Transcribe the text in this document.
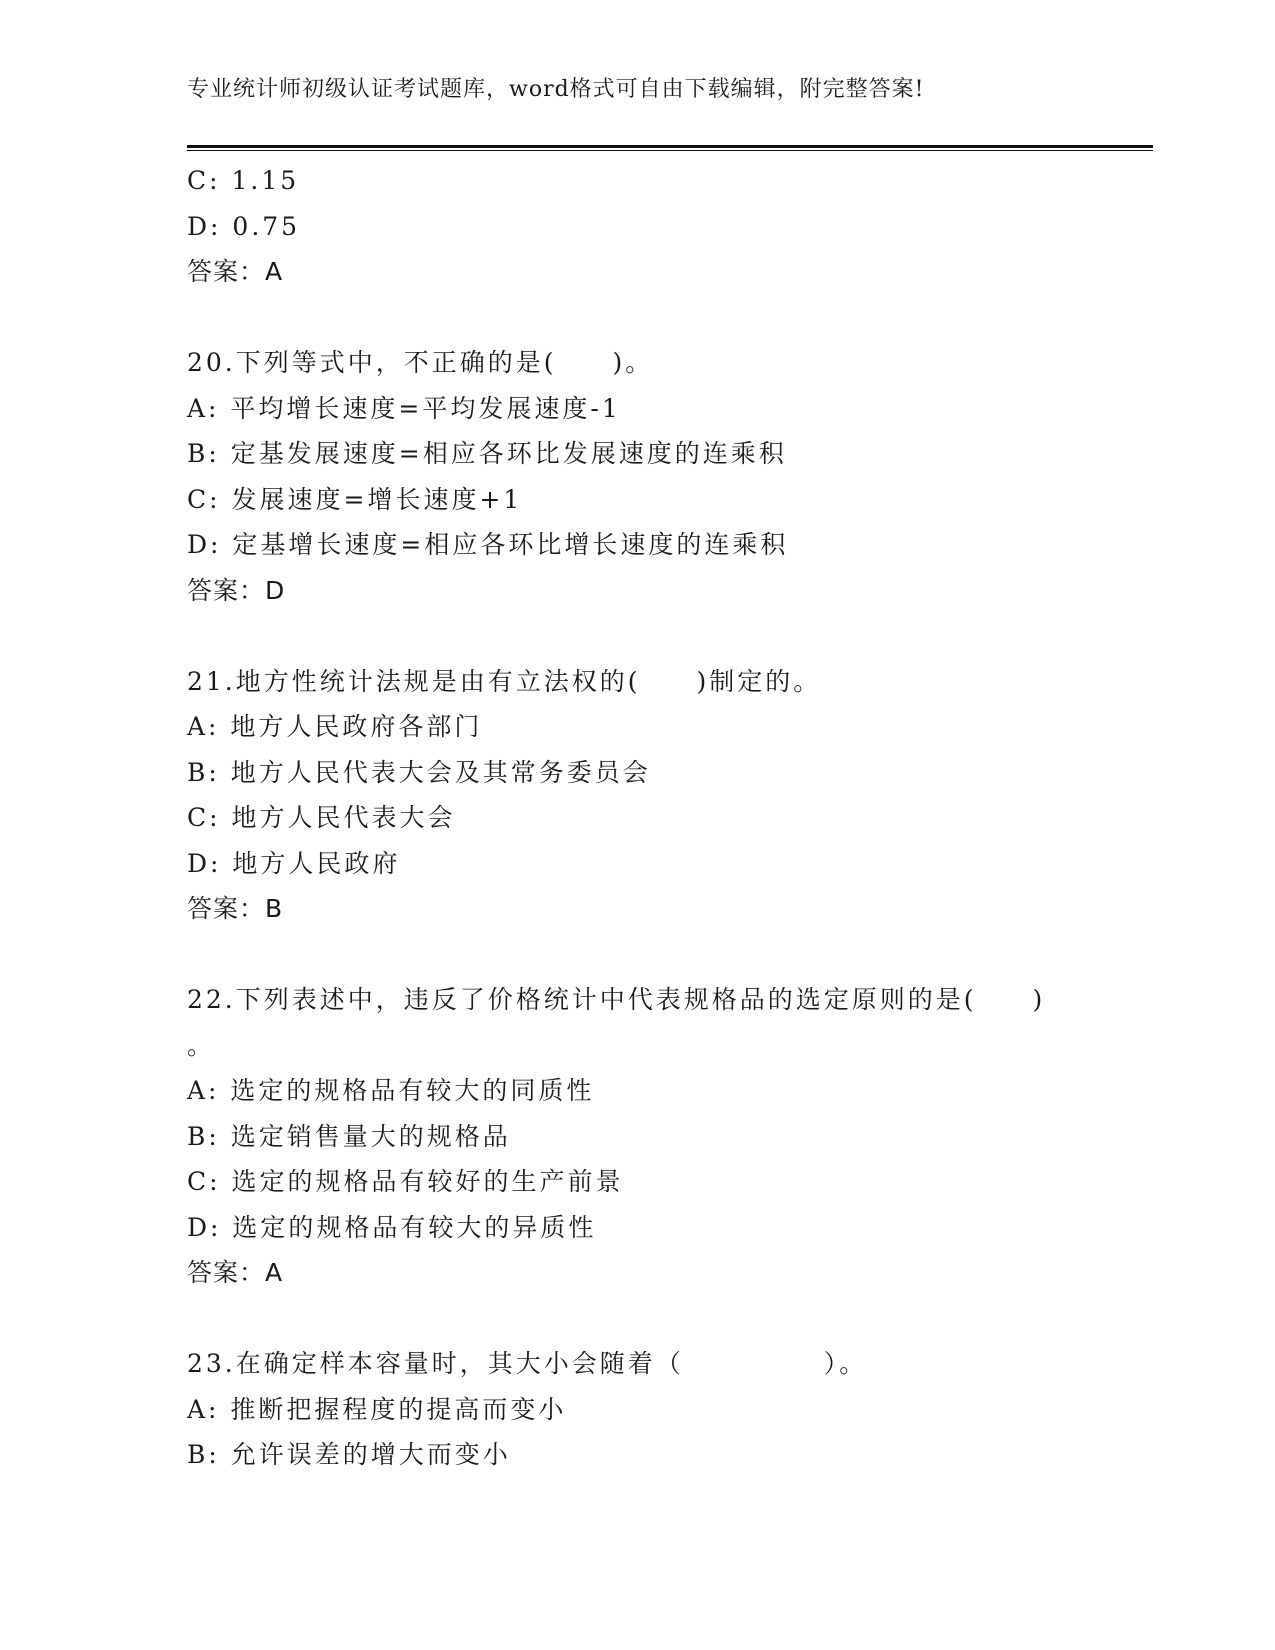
专业统计师初级认证考试题库，word格式可自由下载编辑，附完整答案!
C: 1.15
D: 0.75
答案：A
20.下列等式中，不正确的是(　　)。
A: 平均增长速度=平均发展速度-1
B: 定基发展速度=相应各环比发展速度的连乘积
C: 发展速度=增长速度+1
D: 定基增长速度=相应各环比增长速度的连乘积
答案：D
21.地方性统计法规是由有立法权的(　　)制定的。
A: 地方人民政府各部门
B: 地方人民代表大会及其常务委员会
C: 地方人民代表大会
D: 地方人民政府
答案：B
22.下列表述中，违反了价格统计中代表规格品的选定原则的是(　　)
。
A: 选定的规格品有较大的同质性
B: 选定销售量大的规格品
C: 选定的规格品有较好的生产前景
D: 选定的规格品有较大的异质性
答案：A
23.在确定样本容量时，其大小会随着（　　　　　）。
A: 推断把握程度的提高而变小
B: 允许误差的增大而变小
